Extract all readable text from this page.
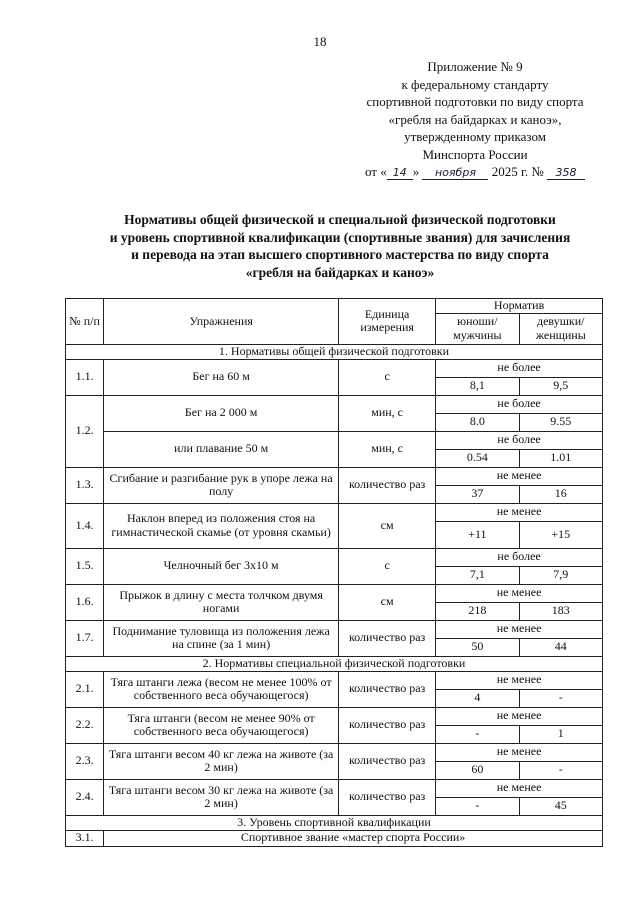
18
Приложение № 9
к федеральному стандарту
спортивной подготовки по виду спорта
«гребля на байдарках и каноэ»,
утвержденному приказом
Минспорта России
от « 14 » ноября 2025 г. № 358
Нормативы общей физической и специальной физической подготовки
и уровень спортивной квалификации (спортивные звания) для зачисления
и перевода на этап высшего спортивного мастерства по виду спорта
«гребля на байдарках и каноэ»
№ п/п	Упражнения	Единица измерения	Норматив	
			юноши/ мужчины	девушки/ женщины
1. Нормативы общей физической подготовки				
1.1.	Бег на 60 м	с	не более	
			8,1	9,5
1.2.	Бег на 2 000 м	мин, с	не более	
			8.0	9.55
	или плавание 50 м	мин, с	не более	
			0.54	1.01
1.3.	Сгибание и разгибание рук в упоре лежа на полу	количество раз	не менее	
			37	16
1.4.	Наклон вперед из положения стоя на гимнастической скамье (от уровня скамьи)	см	не менее	
			+11	+15
1.5.	Челночный бег 3х10 м	с	не более	
			7,1	7,9
1.6.	Прыжок в длину с места толчком двумя ногами	см	не менее	
			218	183
1.7.	Поднимание туловища из положения лежа на спине (за 1 мин)	количество раз	не менее	
			50	44
2. Нормативы специальной физической подготовки				
2.1.	Тяга штанги лежа (весом не менее 100% от собственного веса обучающегося)	количество раз	не менее	
			4	-
2.2.	Тяга штанги (весом не менее 90% от собственного веса обучающегося)	количество раз	не менее	
			-	1
2.3.	Тяга штанги весом 40 кг лежа на животе (за 2 мин)	количество раз	не менее	
			60	-
2.4.	Тяга штанги весом 30 кг лежа на животе (за 2 мин)	количество раз	не менее	
			-	45
3. Уровень спортивной квалификации				
3.1.	Спортивное звание «мастер спорта России»			
